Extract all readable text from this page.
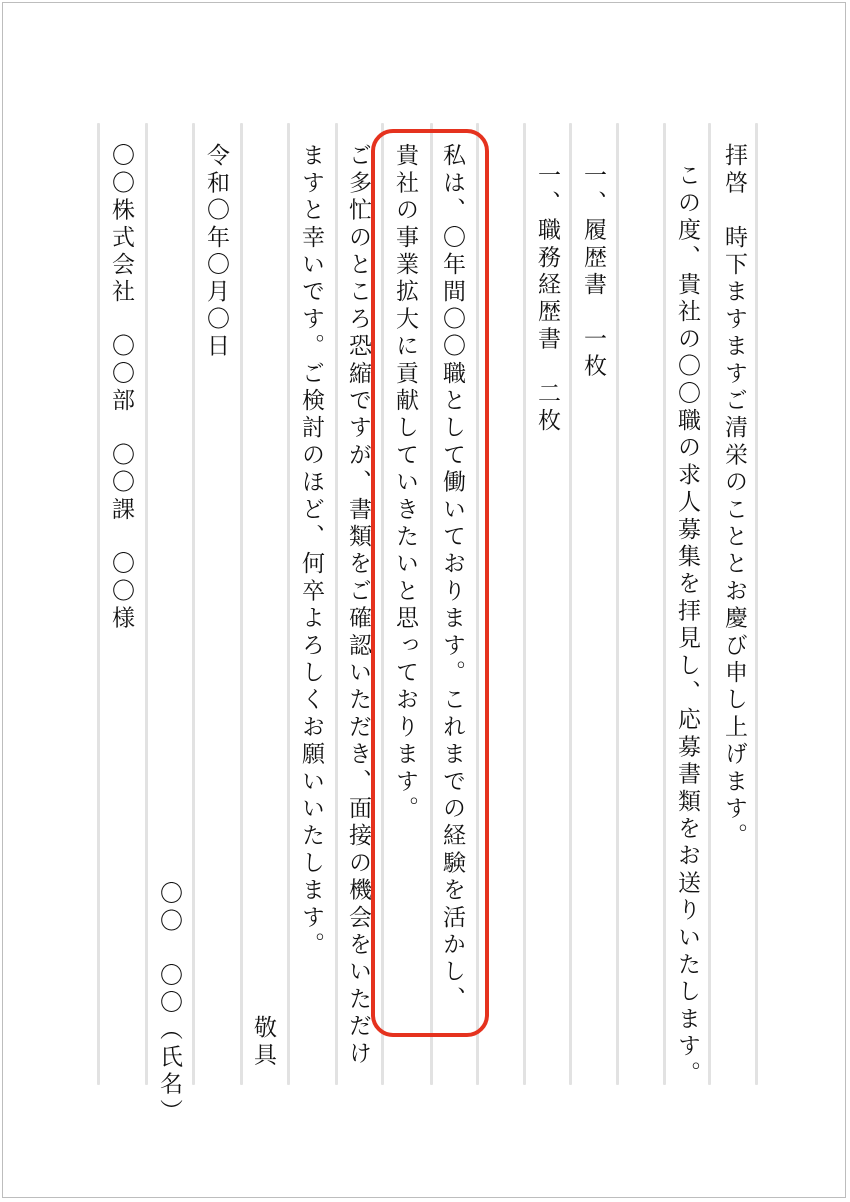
拝啓　時下ますますご清栄のこととお慶び申し上げます。
この度、貴社の〇〇職の求人募集を拝見し、応募書類をお送りいたします。
一、履歴書　一枚
一、職務経歴書　二枚
私は、〇年間〇〇職として働いております。これまでの経験を活かし、
貴社の事業拡大に貢献していきたいと思っております。
ご多忙のところ恐縮ですが、書類をご確認いただき、面接の機会をいただけ
ますと幸いです。ご検討のほど、何卒よろしくお願いいたします。
敬具
令和〇年〇月〇日
〇〇　〇〇（氏名）
〇〇株式会社　〇〇部　〇〇課　〇〇様
